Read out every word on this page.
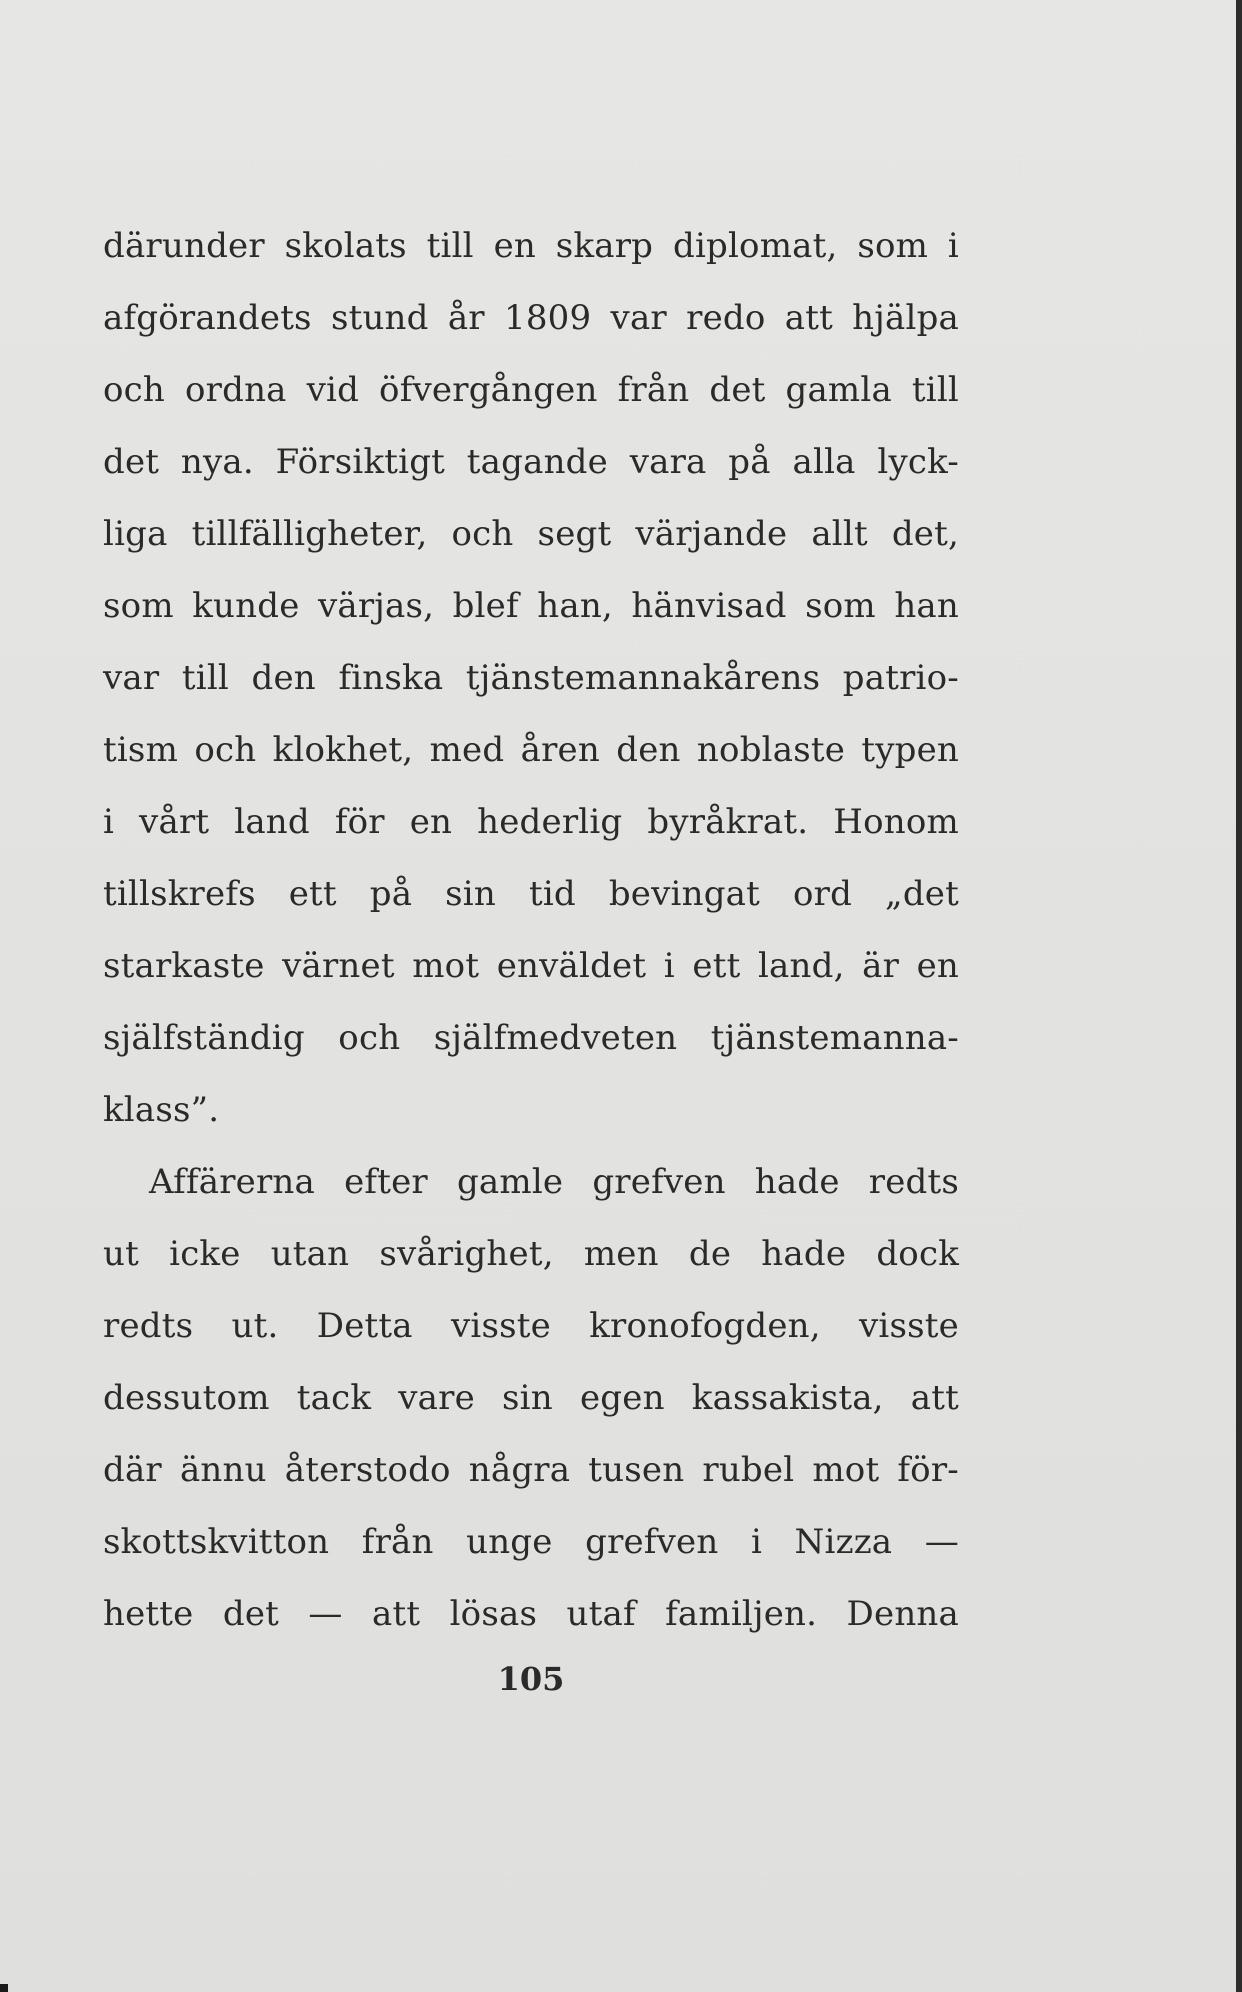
därunder skolats till en skarp diplomat, som i
afgörandets stund år 1809 var redo att hjälpa
och ordna vid öfvergången från det gamla till
det nya. Försiktigt tagande vara på alla lyck-
liga tillfälligheter, och segt värjande allt det,
som kunde värjas, blef han, hänvisad som han
var till den finska tjänstemannakårens patrio-
tism och klokhet, med åren den noblaste typen
i vårt land för en hederlig byråkrat. Honom
tillskrefs ett på sin tid bevingat ord „det
starkaste värnet mot enväldet i ett land, är en
själfständig och själfmedveten tjänstemanna-
klass”.
Affärerna efter gamle grefven hade redts
ut icke utan svårighet, men de hade dock
redts ut. Detta visste kronofogden, visste
dessutom tack vare sin egen kassakista, att
där ännu återstodo några tusen rubel mot för-
skottskvitton från unge grefven i Nizza —
hette det — att lösas utaf familjen. Denna
105
